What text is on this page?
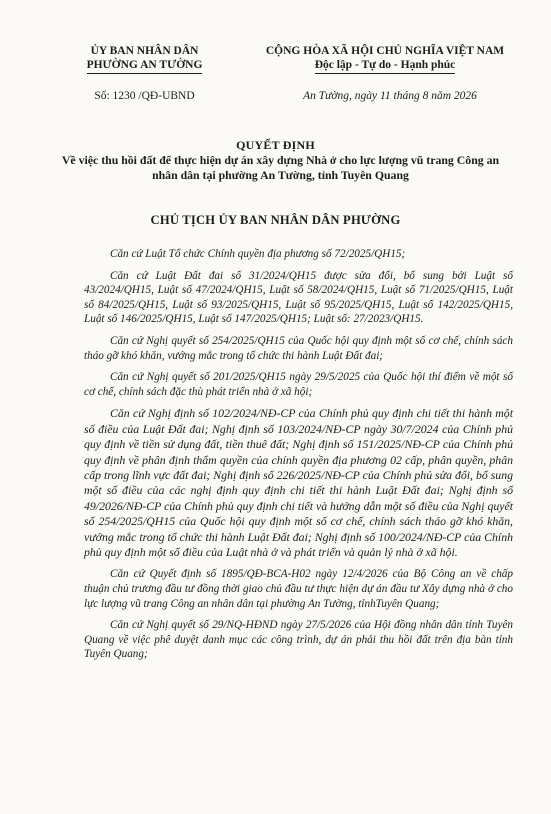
ỦY BAN NHÂN DÂN
PHƯỜNG AN TƯỜNG
CỘNG HÒA XÃ HỘI CHỦ NGHĨA VIỆT NAM
Độc lập - Tự do - Hạnh phúc
Số: 1230 /QĐ-UBND	An Tường, ngày 11 tháng 8 năm 2026
QUYẾT ĐỊNH
Về việc thu hồi đất để thực hiện dự án xây dựng Nhà ở cho lực lượng vũ trang Công an nhân dân tại phường An Tường, tỉnh Tuyên Quang
CHỦ TỊCH ỦY BAN NHÂN DÂN PHƯỜNG

Căn cứ Luật Tổ chức Chính quyền địa phương số 72/2025/QH15;

Căn cứ Luật Đất đai số 31/2024/QH15 được sửa đổi, bổ sung bởi Luật số 43/2024/QH15, Luật số 47/2024/QH15, Luật số 58/2024/QH15, Luật số 71/2025/QH15, Luật số 84/2025/QH15, Luật số 93/2025/QH15, Luật số 95/2025/QH15, Luật số 142/2025/QH15, Luật số 146/2025/QH15, Luật số 147/2025/QH15; Luật số: 27/2023/QH15.

Căn cứ Nghị quyết số 254/2025/QH15 của Quốc hội quy định một số cơ chế, chính sách tháo gỡ khó khăn, vướng mắc trong tổ chức thi hành Luật Đất đai;

Căn cứ Nghị quyết số 201/2025/QH15 ngày 29/5/2025 của Quốc hội thí điểm về một số cơ chế, chính sách đặc thù phát triển nhà ở xã hội;

Căn cứ Nghị định số 102/2024/NĐ-CP của Chính phủ quy định chi tiết thi hành một số điều của Luật Đất đai; Nghị định số 103/2024/NĐ-CP ngày 30/7/2024 của Chính phủ quy định về tiền sử dụng đất, tiền thuê đất; Nghị định số 151/2025/NĐ-CP của Chính phủ quy định về phân định thẩm quyền của chính quyền địa phương 02 cấp, phân quyền, phân cấp trong lĩnh vực đất đai; Nghị định số 226/2025/NĐ-CP của Chính phủ sửa đổi, bổ sung một số điều của các nghị định quy định chi tiết thi hành Luật Đất đai; Nghị định số 49/2026/NĐ-CP của Chính phủ quy định chi tiết và hướng dẫn một số điều của Nghị quyết số 254/2025/QH15 của Quốc hội quy định một số cơ chế, chính sách tháo gỡ khó khăn, vướng mắc trong tổ chức thi hành Luật Đất đai; Nghị định số 100/2024/NĐ-CP của Chính phủ quy định một số điều của Luật nhà ở và phát triển và quản lý nhà ở xã hội.

Căn cứ Quyết định số 1895/QĐ-BCA-H02 ngày 12/4/2026 của Bộ Công an về chấp thuận chủ trương đầu tư đồng thời giao chủ đầu tư thực hiện dự án đầu tư Xây dựng nhà ở cho lực lượng vũ trang Công an nhân dân tại phường An Tường, tỉnhTuyên Quang;

Căn cứ Nghị quyết số 29/NQ-HĐND ngày 27/5/2026 của Hội đồng nhân dân tỉnh Tuyên Quang về việc phê duyệt danh mục các công trình, dự án phải thu hồi đất trên địa bàn tỉnh Tuyên Quang;
